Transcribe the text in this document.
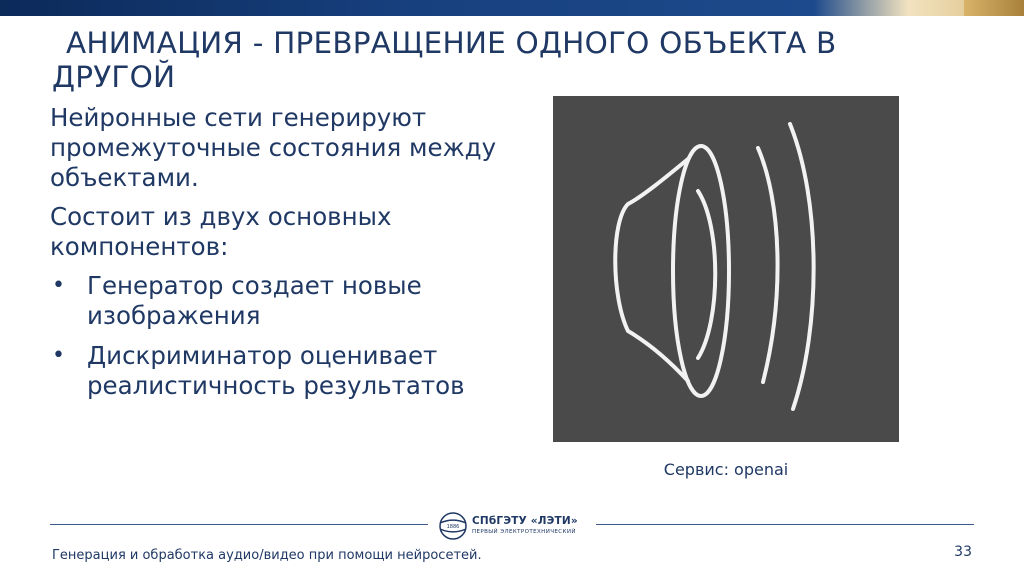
АНИМАЦИЯ - ПРЕВРАЩЕНИЕ ОДНОГО ОБЪЕКТА В
ДРУГОЙ

Нейронные сети генерируют промежуточные состояния между объектами.

Состоит из двух основных компонентов:

• Генератор создает новые изображения
• Дискриминатор оценивает реалистичность результатов
Сервис: openai
1886 СПбГЭТУ «ЛЭТИ»
ПЕРВЫЙ ЭЛЕКТРОТЕХНИЧЕСКИЙ
Генерация и обработка аудио/видео при помощи нейросетей.	33
